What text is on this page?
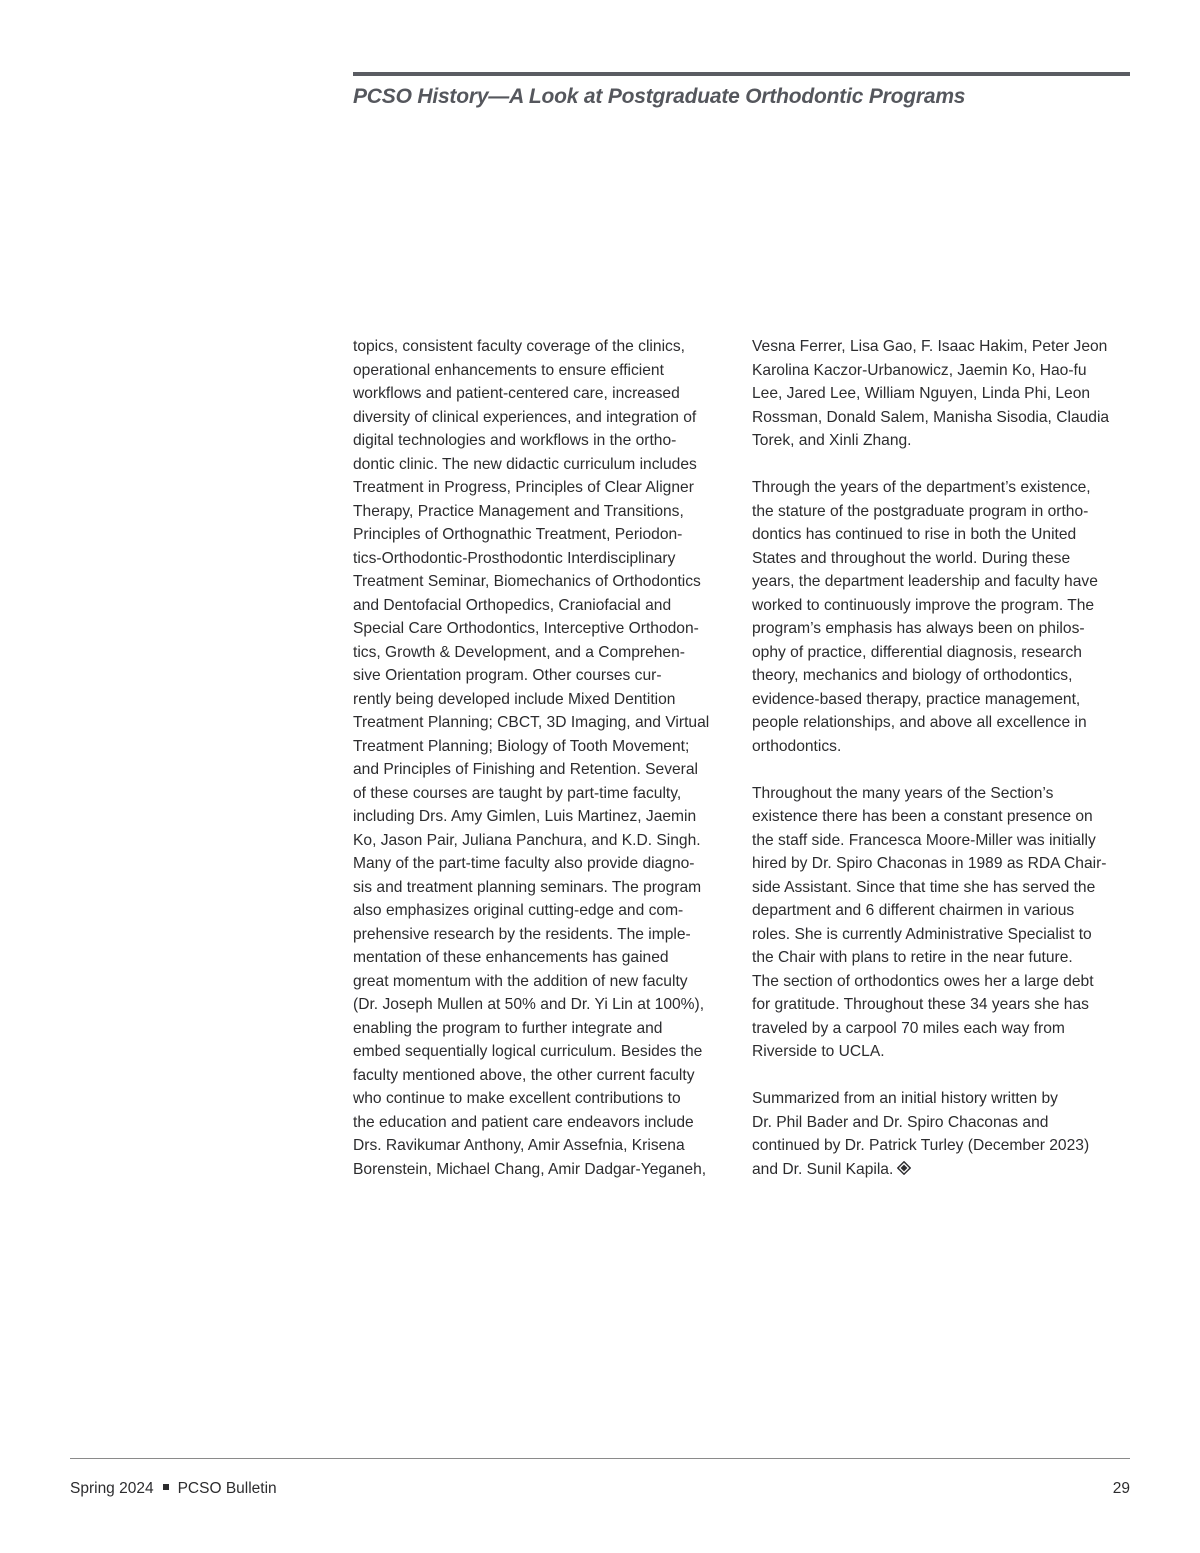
PCSO History—A Look at Postgraduate Orthodontic Programs
topics, consistent faculty coverage of the clinics,
operational enhancements to ensure efficient
workflows and patient-centered care, increased
diversity of clinical experiences, and integration of
digital technologies and workflows in the ortho-
dontic clinic. The new didactic curriculum includes
Treatment in Progress, Principles of Clear Aligner
Therapy, Practice Management and Transitions,
Principles of Orthognathic Treatment, Periodon-
tics-Orthodontic-Prosthodontic Interdisciplinary
Treatment Seminar, Biomechanics of Orthodontics
and Dentofacial Orthopedics, Craniofacial and
Special Care Orthodontics, Interceptive Orthodon-
tics, Growth & Development, and a Comprehen-
sive Orientation program. Other courses cur-
rently being developed include Mixed Dentition
Treatment Planning; CBCT, 3D Imaging, and Virtual
Treatment Planning; Biology of Tooth Movement;
and Principles of Finishing and Retention. Several
of these courses are taught by part-time faculty,
including Drs. Amy Gimlen, Luis Martinez, Jaemin
Ko, Jason Pair, Juliana Panchura, and K.D. Singh.
Many of the part-time faculty also provide diagno-
sis and treatment planning seminars. The program
also emphasizes original cutting-edge and com-
prehensive research by the residents. The imple-
mentation of these enhancements has gained
great momentum with the addition of new faculty
(Dr. Joseph Mullen at 50% and Dr. Yi Lin at 100%),
enabling the program to further integrate and
embed sequentially logical curriculum. Besides the
faculty mentioned above, the other current faculty
who continue to make excellent contributions to
the education and patient care endeavors include
Drs. Ravikumar Anthony, Amir Assefnia, Krisena
Borenstein, Michael Chang, Amir Dadgar-Yeganeh,
Vesna Ferrer, Lisa Gao, F. Isaac Hakim, Peter Jeon
Karolina Kaczor-Urbanowicz, Jaemin Ko, Hao-fu
Lee, Jared Lee, William Nguyen, Linda Phi, Leon
Rossman, Donald Salem, Manisha Sisodia, Claudia
Torek, and Xinli Zhang.
Through the years of the department’s existence,
the stature of the postgraduate program in ortho-
dontics has continued to rise in both the United
States and throughout the world. During these
years, the department leadership and faculty have
worked to continuously improve the program. The
program’s emphasis has always been on philos-
ophy of practice, differential diagnosis, research
theory, mechanics and biology of orthodontics,
evidence-based therapy, practice management,
people relationships, and above all excellence in
orthodontics.
Throughout the many years of the Section’s
existence there has been a constant presence on
the staff side. Francesca Moore-Miller was initially
hired by Dr. Spiro Chaconas in 1989 as RDA Chair-
side Assistant. Since that time she has served the
department and 6 different chairmen in various
roles. She is currently Administrative Specialist to
the Chair with plans to retire in the near future.
The section of orthodontics owes her a large debt
for gratitude. Throughout these 34 years she has
traveled by a carpool 70 miles each way from
Riverside to UCLA.
Summarized from an initial history written by
Dr. Phil Bader and Dr. Spiro Chaconas and
continued by Dr. Patrick Turley (December 2023)
and Dr. Sunil Kapila.
Spring 2024 PCSO Bulletin	29
